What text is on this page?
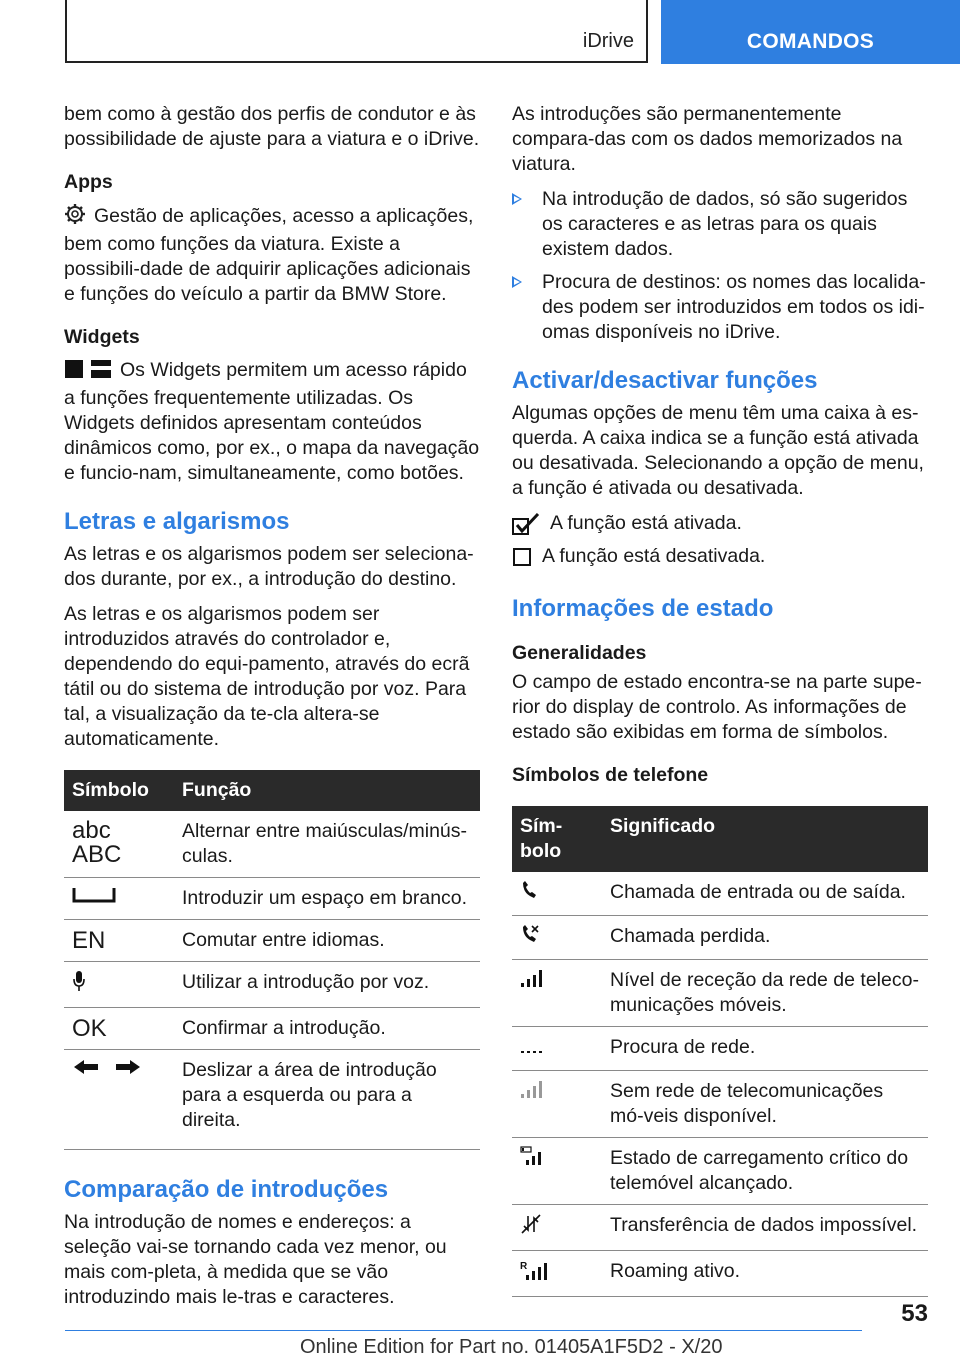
iDrive	COMANDOS

bem como à gestão dos perfis de condutor e às possibilidade de ajuste para a viatura e o iDrive.

Apps

Gestão de aplicações, acesso a aplicações, bem como funções da viatura. Existe a possibili-dade de adquirir aplicações adicionais e funções do veículo a partir da BMW Store.

Widgets

Os Widgets permitem um acesso rápido a funções frequentemente utilizadas. Os Widgets definidos apresentam conteúdos dinâmicos como, por ex., o mapa da navegação e funcio-nam, simultaneamente, como botões.

Letras e algarismos

As letras e os algarismos podem ser seleciona-dos durante, por ex., a introdução do destino.

As letras e os algarismos podem ser introduzidos através do controlador e, dependendo do equi-pamento, através do ecrã tátil ou do sistema de introdução por voz. Para tal, a visualização da te-cla altera-se automaticamente.

Símbolo	Função

abc
ABC	Alternar entre maiúsculas/minús-culas.
	Introduzir um espaço em branco.
EN	Comutar entre idiomas.
	Utilizar a introdução por voz.
OK	Confirmar a introdução.
	Deslizar a área de introdução para a esquerda ou para a direita.
Comparação de introduções

Na introdução de nomes e endereços: a seleção vai-se tornando cada vez menor, ou mais com-pleta, à medida que se vão introduzindo mais le-tras e caracteres.

As introduções são permanentemente compara-das com os dados memorizados na viatura.

Na introdução de dados, só são sugeridos os caracteres e as letras para os quais existem dados.
Procura de destinos: os nomes das localida-des podem ser introduzidos em todos os idi-omas disponíveis no iDrive.
Activar/desactivar funções

Algumas opções de menu têm uma caixa à es-querda. A caixa indica se a função está ativada ou desativada. Selecionando a opção de menu, a função é ativada ou desativada.

A função está ativada.
A função está desativada.
Informações de estado
Generalidades

O campo de estado encontra-se na parte supe-rior do display de controlo. As informações de estado são exibidas em forma de símbolos.

Símbolos de telefone
Sím-bolo	Significado
	Chamada de entrada ou de saída.
	Chamada perdida.
	Nível de receção da rede de teleco-municações móveis.
	Procura de rede.
	Sem rede de telecomunicações mó-veis disponível.
	Estado de carregamento crítico do telemóvel alcançado.
	Transferência de dados impossível.

R	Roaming ativo.
53
Online Edition for Part no. 01405A1F5D2 - X/20
